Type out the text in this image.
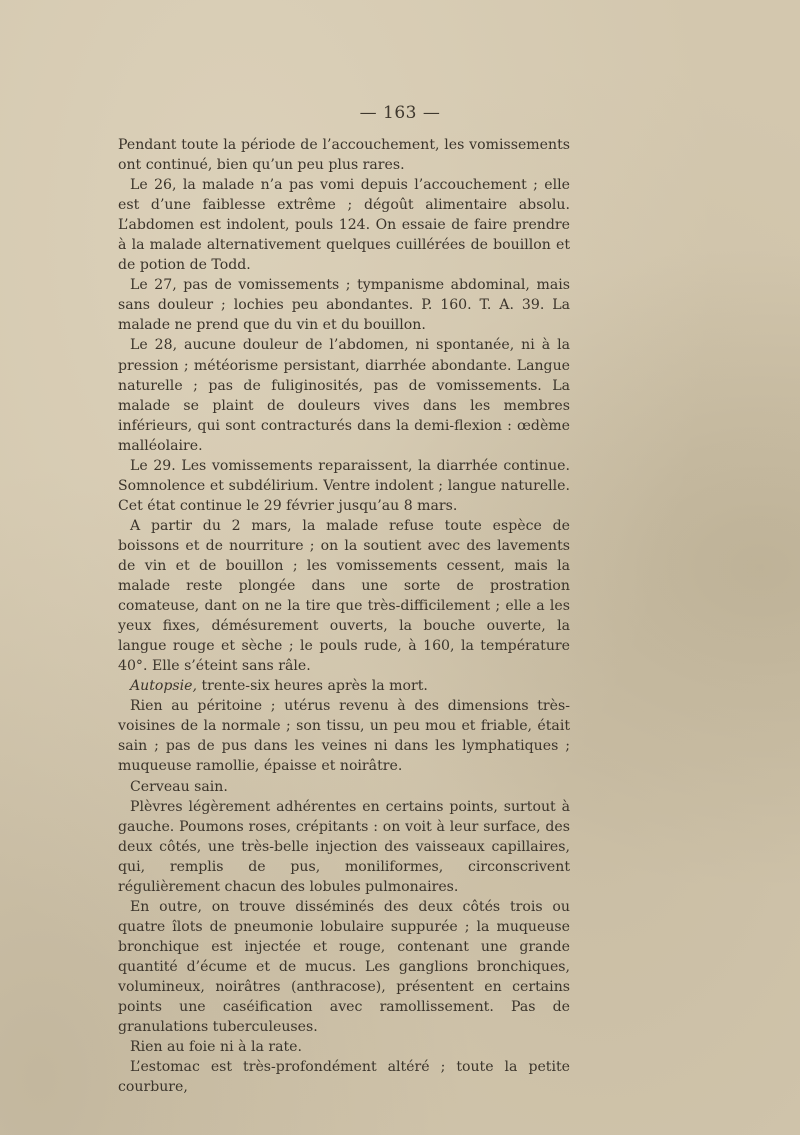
— 163 —

Pendant toute la période de l’accouchement, les vomissements ont continué, bien qu’un peu plus rares.

Le 26, la malade n’a pas vomi depuis l’accouchement ; elle est d’une faiblesse extrême ; dégoût alimentaire absolu. L’abdomen est indolent, pouls 124. On essaie de faire prendre à la malade alternativement quelques cuillérées de bouillon et de potion de Todd.

Le 27, pas de vomissements ; tympanisme abdominal, mais sans douleur ; lochies peu abondantes. P. 160. T. A. 39. La malade ne prend que du vin et du bouillon.

Le 28, aucune douleur de l’abdomen, ni spontanée, ni à la pression ; météorisme persistant, diarrhée abondante. Langue naturelle ; pas de fuliginosités, pas de vomissements. La malade se plaint de douleurs vives dans les membres inférieurs, qui sont contracturés dans la demi-flexion : œdème malléolaire.

Le 29. Les vomissements reparaissent, la diarrhée continue. Somnolence et subdélirium. Ventre indolent ; langue naturelle. Cet état continue le 29 février jusqu’au 8 mars.

A partir du 2 mars, la malade refuse toute espèce de boissons et de nourriture ; on la soutient avec des lavements de vin et de bouillon ; les vomissements cessent, mais la malade reste plongée dans une sorte de prostration comateuse, dant on ne la tire que très-difficilement ; elle a les yeux fixes, démésurement ouverts, la bouche ouverte, la langue rouge et sèche ; le pouls rude, à 160, la température 40°. Elle s’éteint sans râle.

Autopsie, trente-six heures après la mort.

Rien au péritoine ; utérus revenu à des dimensions très-voisines de la normale ; son tissu, un peu mou et friable, était sain ; pas de pus dans les veines ni dans les lymphatiques ; muqueuse ramollie, épaisse et noirâtre.

Cerveau sain.

Plèvres légèrement adhérentes en certains points, surtout à gauche. Poumons roses, crépitants : on voit à leur surface, des deux côtés, une très-belle injection des vaisseaux capillaires, qui, remplis de pus, moniliformes, circonscrivent régulièrement chacun des lobules pulmonaires.

En outre, on trouve disséminés des deux côtés trois ou quatre îlots de pneumonie lobulaire suppurée ; la muqueuse bronchique est injectée et rouge, contenant une grande quantité d’écume et de mucus. Les ganglions bronchiques, volumineux, noirâtres (anthracose), présentent en certains points une caséification avec ramollissement. Pas de granulations tuberculeuses.

Rien au foie ni à la rate.

L’estomac est très-profondément altéré ; toute la petite courbure,
